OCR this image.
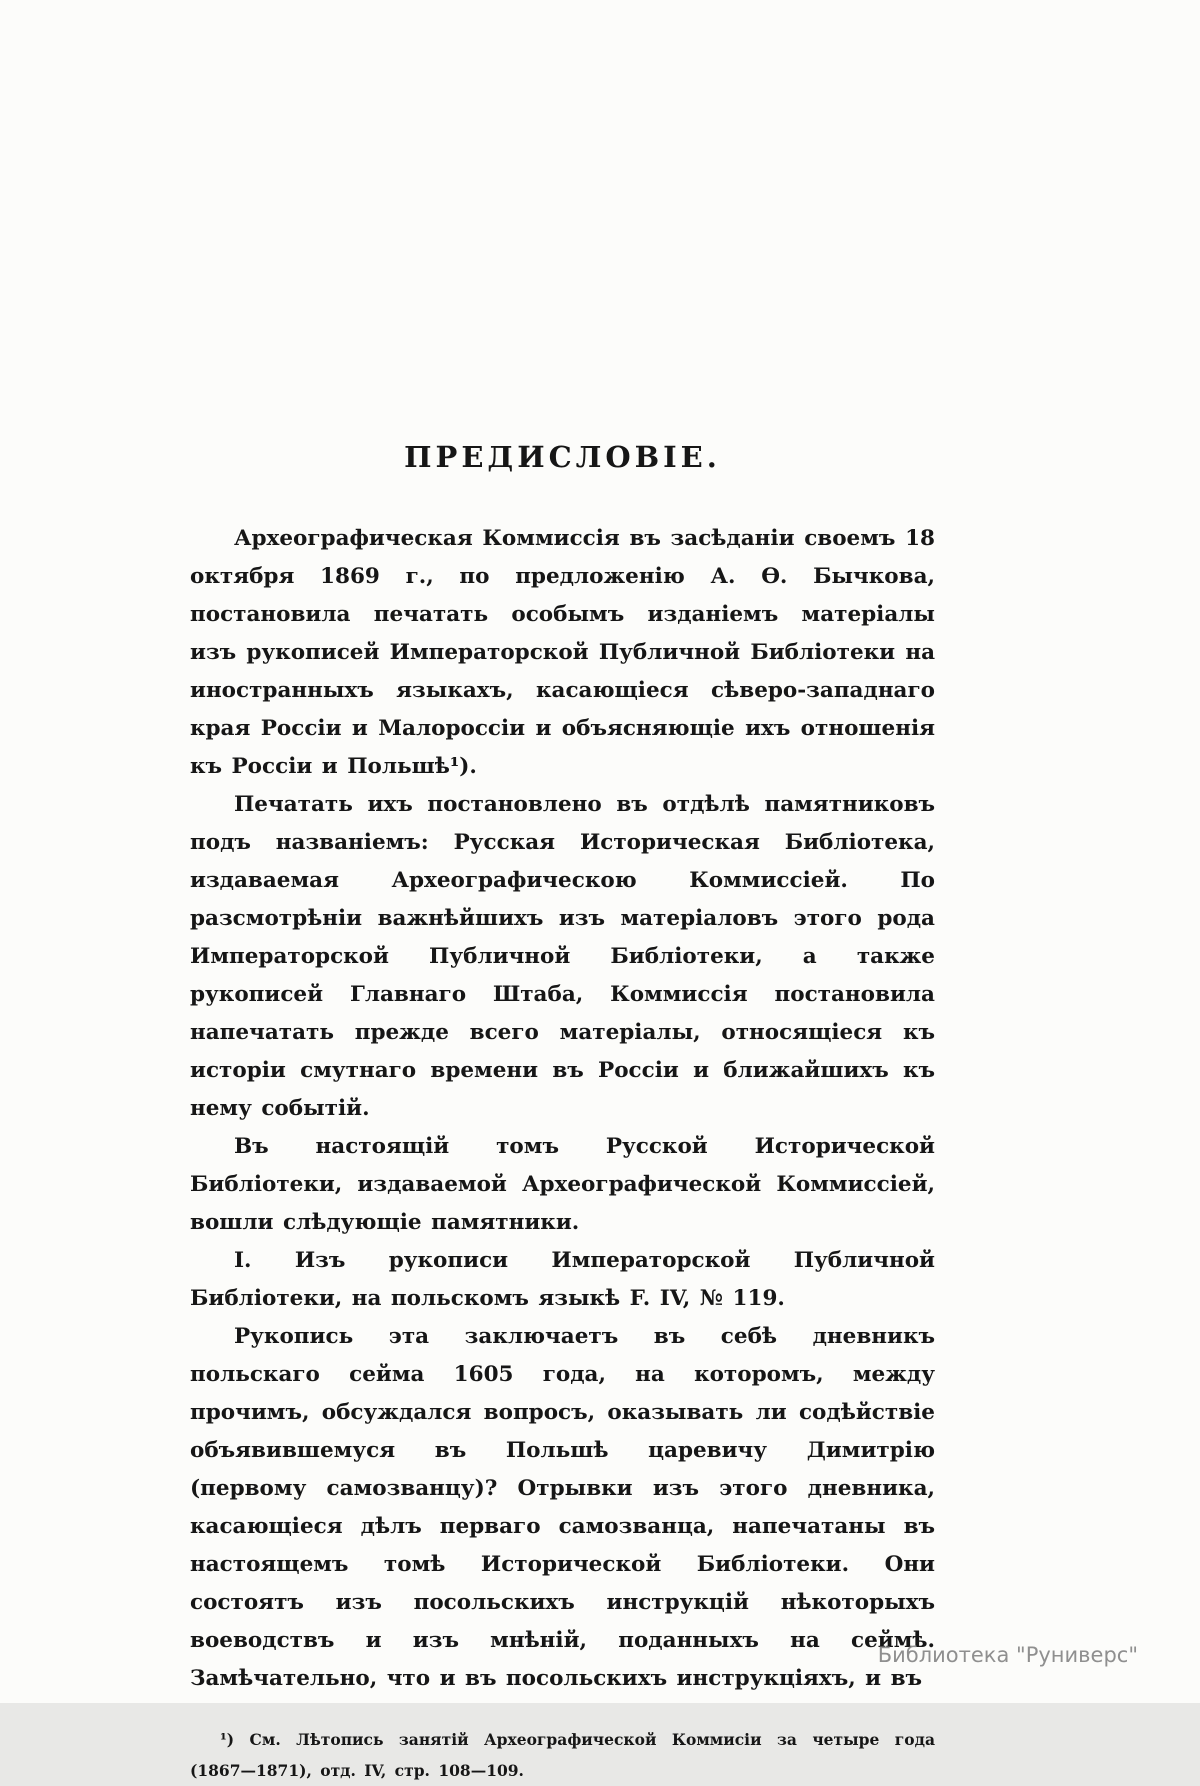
ПРЕДИСЛОВІЕ.

Археографическая Коммиссія въ засѣданіи своемъ 18 октября 1869 г., по предложенію А. Ѳ. Бычкова, постановила печатать особымъ изданіемъ матеріалы изъ рукописей Императорской Публичной Библіотеки на иностранныхъ языкахъ, касающіеся сѣверо-западнаго края Россіи и Малороссіи и объясняющіе ихъ отношенія къ Россіи и Польшѣ¹).

Печатать ихъ постановлено въ отдѣлѣ памятниковъ подъ названіемъ: Русская Историческая Библіотека, издаваемая Археографическою Коммиссіей. По разсмотрѣніи важнѣйшихъ изъ матеріаловъ этого рода Императорской Публичной Библіотеки, а также рукописей Главнаго Штаба, Коммиссія постановила напечатать прежде всего матеріалы, относящіеся къ исторіи смутнаго времени въ Россіи и ближайшихъ къ нему событій.

Въ настоящій томъ Русской Исторической Библіотеки, издаваемой Археографической Коммиссіей, вошли слѣдующіе памятники.

I. Изъ рукописи Императорской Публичной Библіотеки, на польскомъ языкѣ F. IV, № 119.

Рукопись эта заключаетъ въ себѣ дневникъ польскаго сейма 1605 года, на которомъ, между прочимъ, обсуждался вопросъ, оказывать ли содѣйствіе объявившемуся въ Польшѣ царевичу Димитрію (первому самозванцу)? Отрывки изъ этого дневника, касающіеся дѣлъ перваго самозванца, напечатаны въ настоящемъ томѣ Исторической Библіотеки. Они состоятъ изъ посольскихъ инструкцій нѣкоторыхъ воеводствъ и изъ мнѣній, поданныхъ на сеймѣ. Замѣчательно, что и въ посольскихъ инструкціяхъ, и въ

¹) См. Лѣтопись занятій Археографической Коммисіи за четыре года (1867—1871), отд. IV, стр. 108—109.
Библиотека "Руниверс"
